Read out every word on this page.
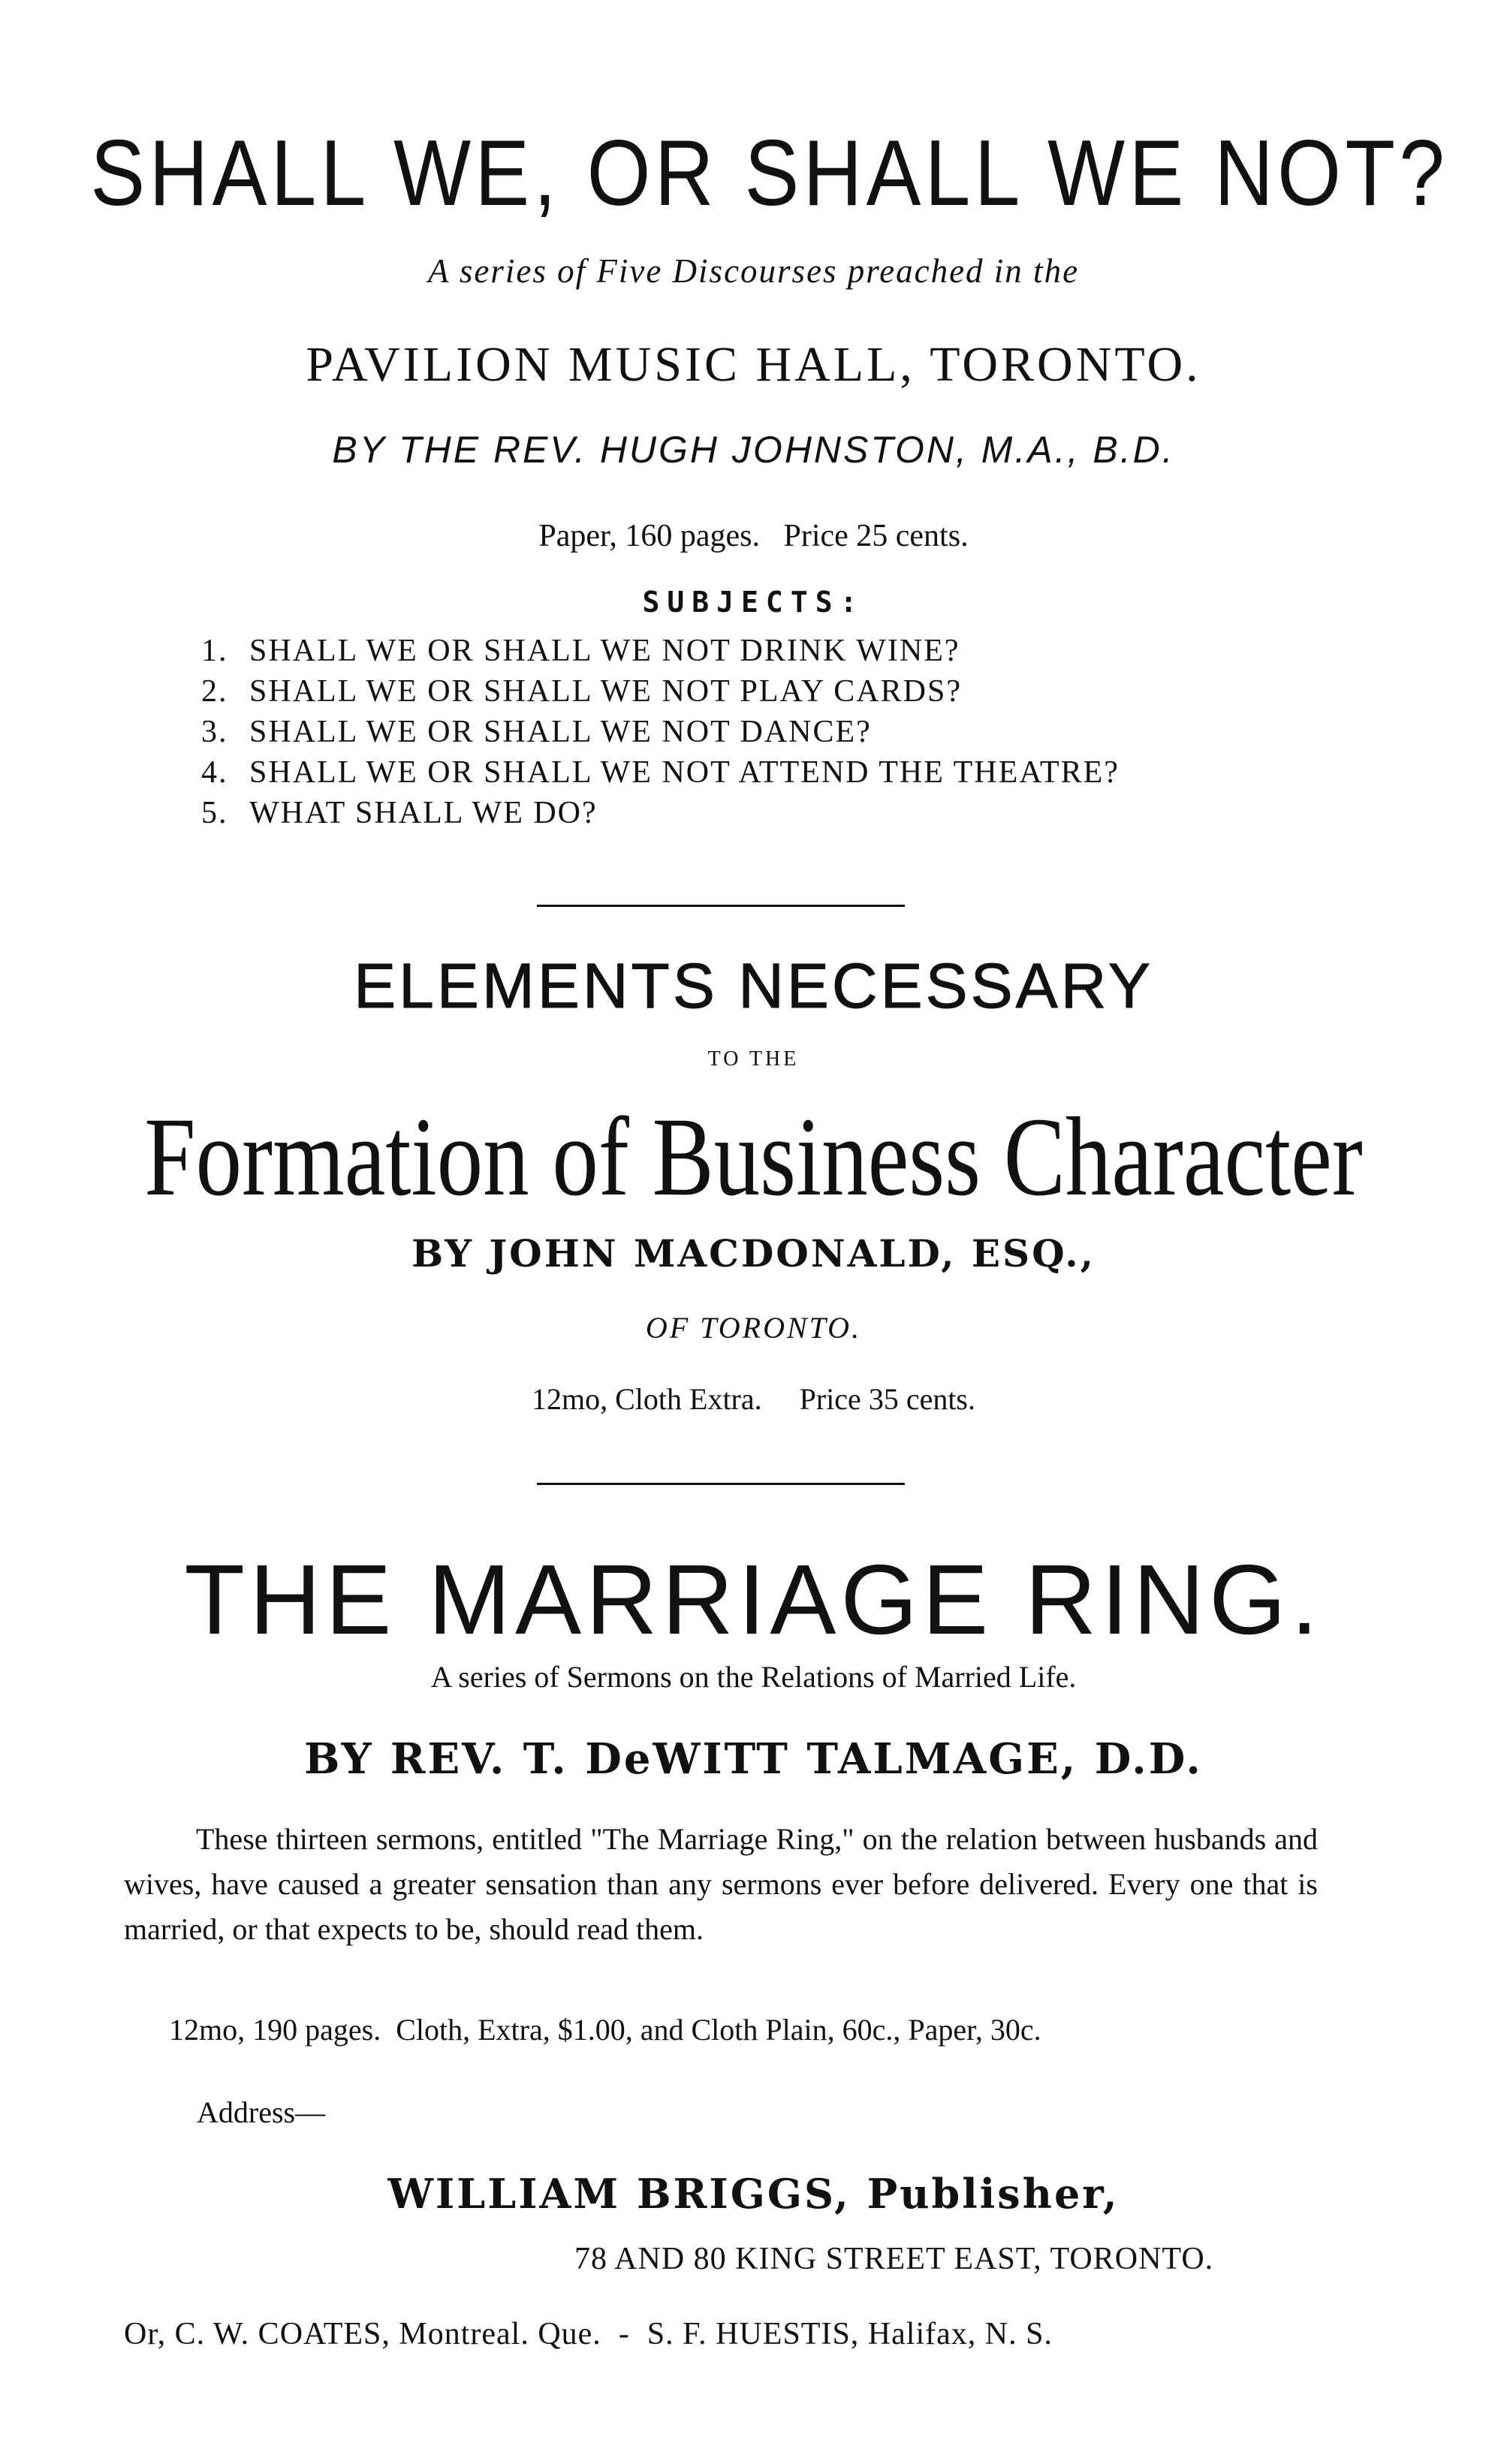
SHALL WE, OR SHALL WE NOT?
A series of Five Discourses preached in the
PAVILION MUSIC HALL, TORONTO.
BY THE REV. HUGH JOHNSTON, M.A., B.D.
Paper, 160 pages.   Price 25 cents.
SUBJECTS:
1. SHALL WE OR SHALL WE NOT DRINK WINE?
2. SHALL WE OR SHALL WE NOT PLAY CARDS?
3. SHALL WE OR SHALL WE NOT DANCE?
4. SHALL WE OR SHALL WE NOT ATTEND THE THEATRE?
5. WHAT SHALL WE DO?
ELEMENTS NECESSARY
TO THE
Formation of Business Character
BY JOHN MACDONALD, ESQ.,
OF TORONTO.
12mo, Cloth Extra.     Price 35 cents.
THE MARRIAGE RING.
A series of Sermons on the Relations of Married Life.
BY REV. T. DeWITT TALMAGE, D.D.
These thirteen sermons, entitled "The Marriage Ring," on the relation between husbands and wives, have caused a greater sensation than any sermons ever before delivered. Every one that is married, or that expects to be, should read them.
12mo, 190 pages.  Cloth, Extra, $1.00, and Cloth Plain, 60c., Paper, 30c.
Address—
WILLIAM BRIGGS, Publisher,
78 AND 80 KING STREET EAST, TORONTO.
Or, C. W. COATES, Montreal. Que.  -  S. F. HUESTIS, Halifax, N. S.
